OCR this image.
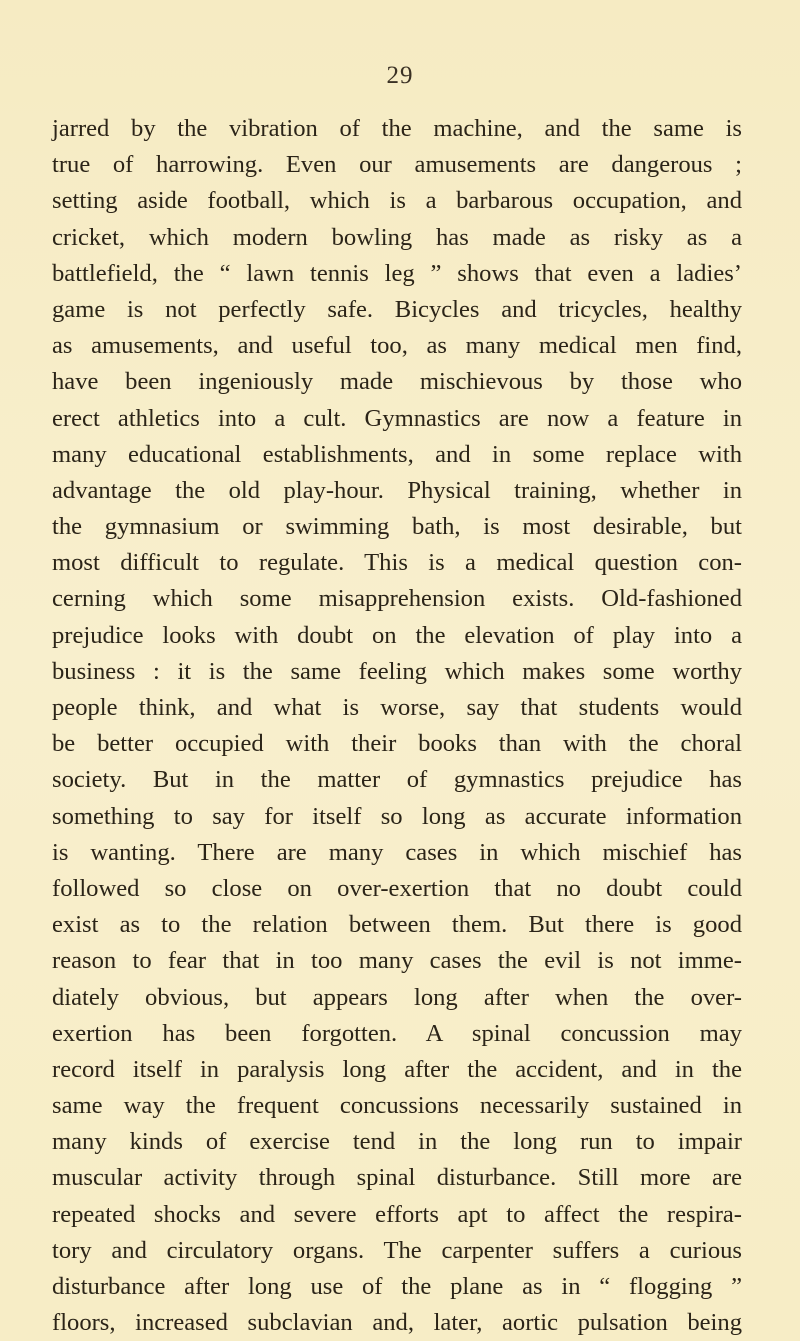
29
jarred by the vibration of the machine, and the same is
true of harrowing. Even our amusements are dangerous ;
setting aside football, which is a barbarous occupation, and
cricket, which modern bowling has made as risky as a
battlefield, the “ lawn tennis leg ” shows that even a ladies’
game is not perfectly safe. Bicycles and tricycles, healthy
as amusements, and useful too, as many medical men find,
have been ingeniously made mischievous by those who
erect athletics into a cult. Gymnastics are now a feature in
many educational establishments, and in some replace with
advantage the old play-hour. Physical training, whether in
the gymnasium or swimming bath, is most desirable, but
most difficult to regulate. This is a medical question con-
cerning which some misapprehension exists. Old-fashioned
prejudice looks with doubt on the elevation of play into a
business : it is the same feeling which makes some worthy
people think, and what is worse, say that students would
be better occupied with their books than with the choral
society. But in the matter of gymnastics prejudice has
something to say for itself so long as accurate information
is wanting. There are many cases in which mischief has
followed so close on over-exertion that no doubt could
exist as to the relation between them. But there is good
reason to fear that in too many cases the evil is not imme-
diately obvious, but appears long after when the over-
exertion has been forgotten. A spinal concussion may
record itself in paralysis long after the accident, and in the
same way the frequent concussions necessarily sustained in
many kinds of exercise tend in the long run to impair
muscular activity through spinal disturbance. Still more are
repeated shocks and severe efforts apt to affect the respira-
tory and circulatory organs. The carpenter suffers a curious
disturbance after long use of the plane as in “ flogging ”
floors, increased subclavian and, later, aortic pulsation being
